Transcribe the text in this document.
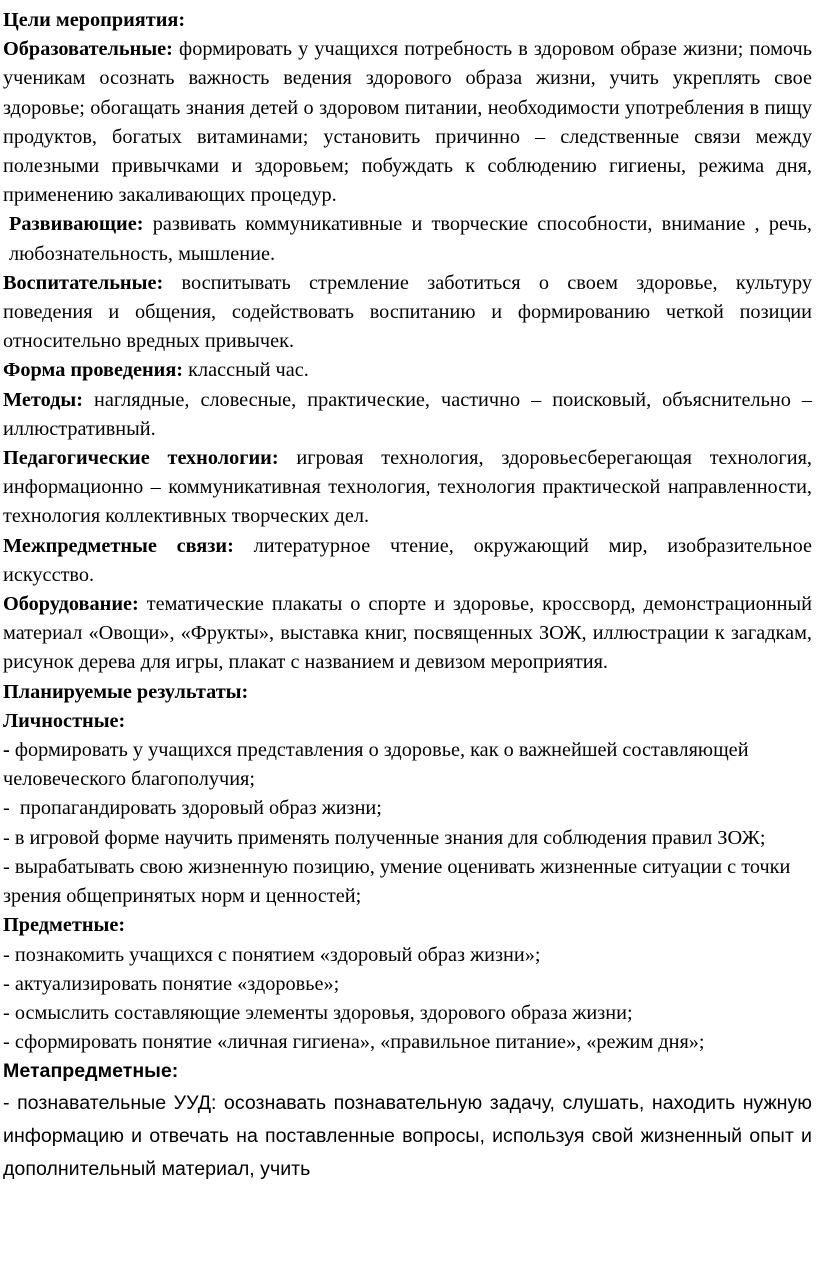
Цели мероприятия:

Образовательные: формировать у учащихся потребность в здоровом образе жизни; помочь ученикам осознать важность ведения здорового образа жизни, учить укреплять свое здоровье; обогащать знания детей о здоровом питании, необходимости употребления в пищу продуктов, богатых витаминами; установить причинно – следственные связи между полезными привычками и здоровьем; побуждать к соблюдению гигиены, режима дня, применению закаливающих процедур.

Развивающие: развивать коммуникативные и творческие способности, внимание , речь, любознательность, мышление.

Воспитательные: воспитывать стремление заботиться о своем здоровье, культуру поведения и общения, содействовать воспитанию и формированию четкой позиции относительно вредных привычек.

Форма проведения: классный час.

Методы: наглядные, словесные, практические, частично – поисковый, объяснительно – иллюстративный.

Педагогические технологии: игровая технология, здоровьесберегающая технология, информационно – коммуникативная технология, технология практической направленности, технология коллективных творческих дел.

Межпредметные связи: литературное чтение, окружающий мир, изобразительное искусство.

Оборудование: тематические плакаты о спорте и здоровье, кроссворд, демонстрационный материал «Овощи», «Фрукты», выставка книг, посвященных ЗОЖ, иллюстрации к загадкам, рисунок дерева для игры, плакат с названием и девизом мероприятия.

Планируемые результаты:

Личностные:

- формировать у учащихся представления о здоровье, как о важнейшей составляющей человеческого благополучия;

- пропагандировать здоровый образ жизни;

- в игровой форме научить применять полученные знания для соблюдения правил ЗОЖ;

- вырабатывать свою жизненную позицию, умение оценивать жизненные ситуации с точки зрения общепринятых норм и ценностей;

Предметные:

- познакомить учащихся с понятием «здоровый образ жизни»;

- актуализировать понятие «здоровье»;

- осмыслить составляющие элементы здоровья, здорового образа жизни;

- сформировать понятие «личная гигиена», «правильное питание», «режим дня»;

Метапредметные:

- познавательные УУД: осознавать познавательную задачу, слушать, находить нужную информацию и отвечать на поставленные вопросы, используя свой жизненный опыт и дополнительный материал, учить
